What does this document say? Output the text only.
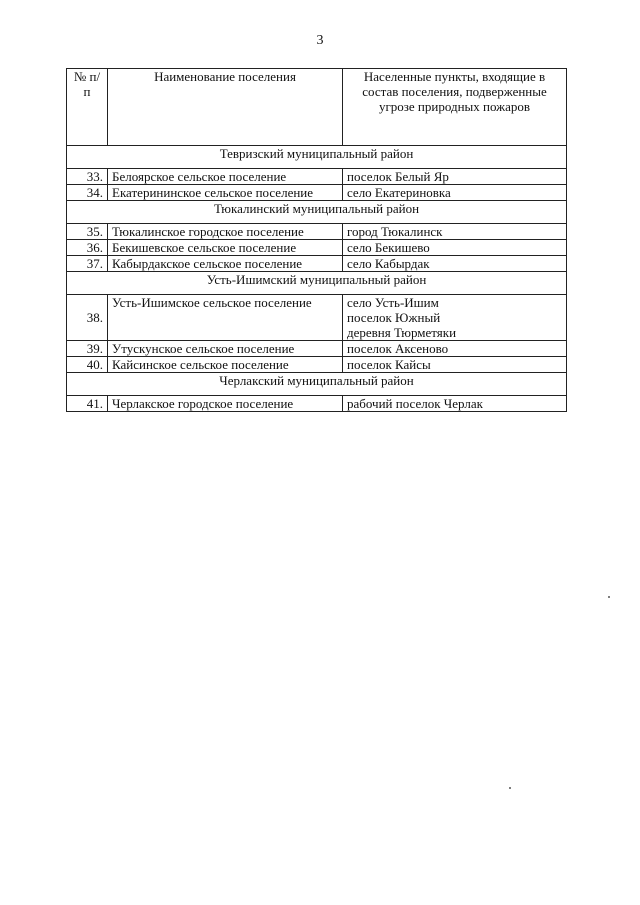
3
№ п/п	Наименование поселения	Населенные пункты, входящие в состав поселения, подверженные угрозе природных пожаров
Тевризский муниципальный район		
33.	Белоярское сельское поселение	поселок Белый Яр

34.	Екатерининское сельское поселение	село Екатериновка

Тюкалинский муниципальный район		
35.	Тюкалинское городское поселение	город Тюкалинск

36.	Бекишевское сельское поселение	село Бекишево

37.	Кабырдакское сельское поселение	село Кабырдак

Усть-Ишимский муниципальный район		
38.	Усть-Ишимское сельское поселение	село Усть-Ишим
поселок Южный
деревня Тюрметяки

39.	Утускунское сельское поселение	поселок Аксеново

40.	Кайсинское сельское поселение	поселок Кайсы

Черлакский муниципальный район		
41.	Черлакское городское поселение	рабочий поселок Черлак
